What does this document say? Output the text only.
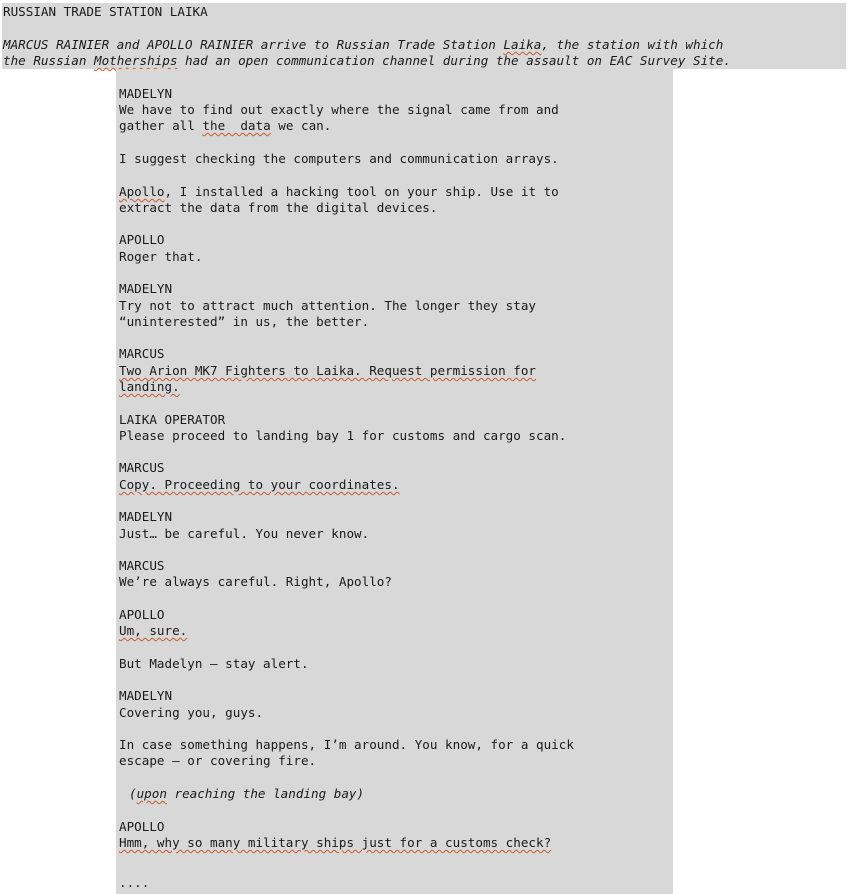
RUSSIAN TRADE STATION LAIKA
MARCUS RAINIER and APOLLO RAINIER arrive to Russian Trade Station Laika, the station with which
the Russian Motherships had an open communication channel during the assault on EAC Survey Site.
MADELYN
We have to find out exactly where the signal came from and
gather all the  data we can.
I suggest checking the computers and communication arrays.
Apollo, I installed a hacking tool on your ship. Use it to
extract the data from the digital devices.
APOLLO
Roger that.
MADELYN
Try not to attract much attention. The longer they stay
“uninterested” in us, the better.
MARCUS
Two Arion MK7 Fighters to Laika. Request permission for
landing.
LAIKA OPERATOR
Please proceed to landing bay 1 for customs and cargo scan.
MARCUS
Copy. Proceeding to your coordinates.
MADELYN
Just… be careful. You never know.
MARCUS
We’re always careful. Right, Apollo?
APOLLO
Um, sure.
But Madelyn – stay alert.
MADELYN
Covering you, guys.
In case something happens, I’m around. You know, for a quick
escape – or covering fire.
(upon reaching the landing bay)
APOLLO
Hmm, why so many military ships just for a customs check?
....
